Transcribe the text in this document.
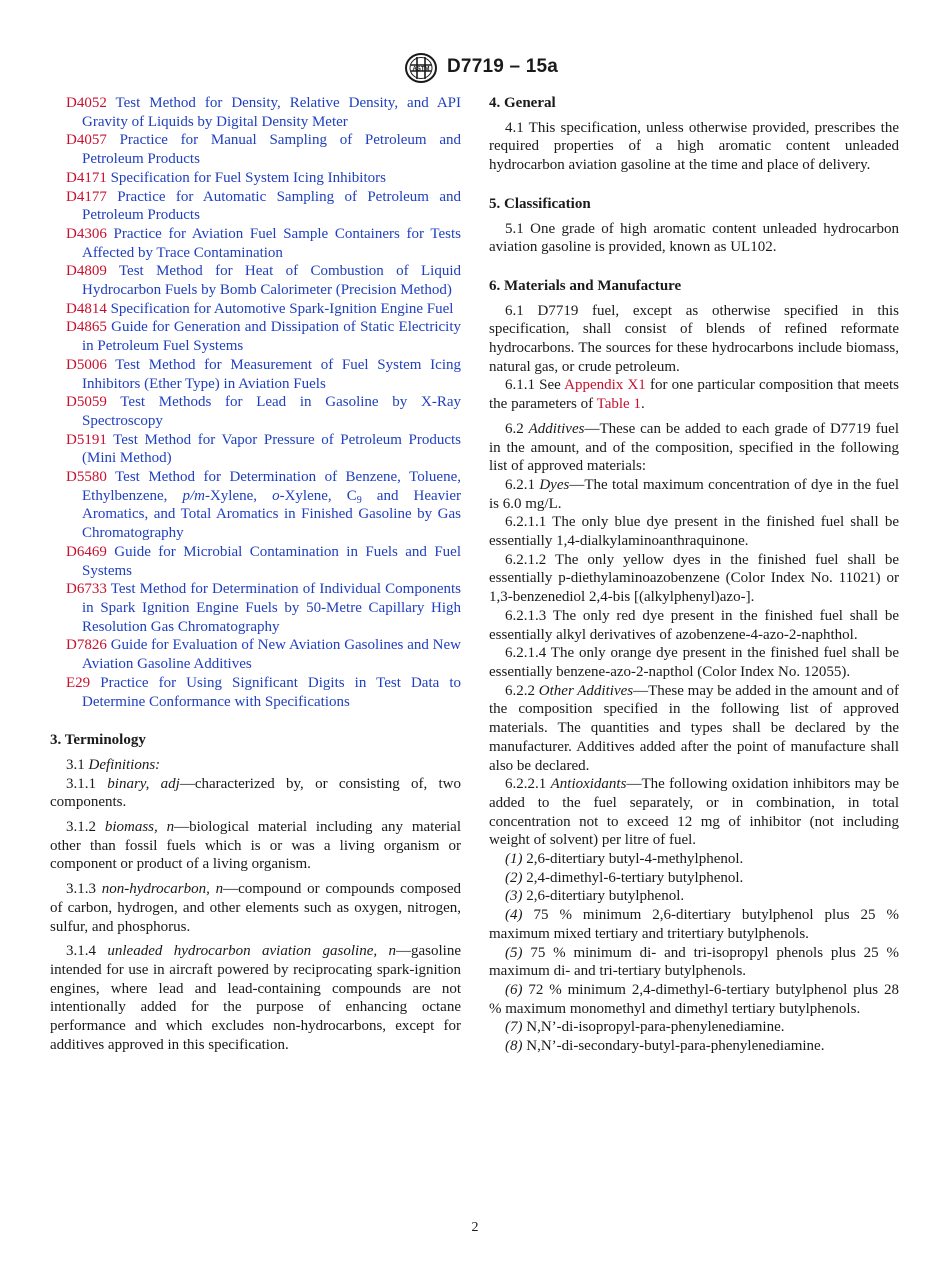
ASTM D7719 – 15a

D4052 Test Method for Density, Relative Density, and API Gravity of Liquids by Digital Density Meter

D4057 Practice for Manual Sampling of Petroleum and Petroleum Products

D4171 Specification for Fuel System Icing Inhibitors

D4177 Practice for Automatic Sampling of Petroleum and Petroleum Products

D4306 Practice for Aviation Fuel Sample Containers for Tests Affected by Trace Contamination

D4809 Test Method for Heat of Combustion of Liquid Hydrocarbon Fuels by Bomb Calorimeter (Precision Method)

D4814 Specification for Automotive Spark-Ignition Engine Fuel

D4865 Guide for Generation and Dissipation of Static Electricity in Petroleum Fuel Systems

D5006 Test Method for Measurement of Fuel System Icing Inhibitors (Ether Type) in Aviation Fuels

D5059 Test Methods for Lead in Gasoline by X-Ray Spectroscopy

D5191 Test Method for Vapor Pressure of Petroleum Products (Mini Method)

D5580 Test Method for Determination of Benzene, Toluene, Ethylbenzene, p/m-Xylene, o-Xylene, $C_9$ and Heavier Aromatics, and Total Aromatics in Finished Gasoline by Gas Chromatography

D6469 Guide for Microbial Contamination in Fuels and Fuel Systems

D6733 Test Method for Determination of Individual Components in Spark Ignition Engine Fuels by 50-Metre Capillary High Resolution Gas Chromatography

D7826 Guide for Evaluation of New Aviation Gasolines and New Aviation Gasoline Additives

E29 Practice for Using Significant Digits in Test Data to Determine Conformance with Specifications

3. Terminology

3.1 Definitions:

3.1.1 binary, adj—characterized by, or consisting of, two components.

3.1.2 biomass, n—biological material including any material other than fossil fuels which is or was a living organism or component or product of a living organism.

3.1.3 non-hydrocarbon, n—compound or compounds composed of carbon, hydrogen, and other elements such as oxygen, nitrogen, sulfur, and phosphorus.

3.1.4 unleaded hydrocarbon aviation gasoline, n—gasoline intended for use in aircraft powered by reciprocating spark-ignition engines, where lead and lead-containing compounds are not intentionally added for the purpose of enhancing octane performance and which excludes non-hydrocarbons, except for additives approved in this specification.

4. General

4.1 This specification, unless otherwise provided, prescribes the required properties of a high aromatic content unleaded hydrocarbon aviation gasoline at the time and place of delivery.

5. Classification

5.1 One grade of high aromatic content unleaded hydrocarbon aviation gasoline is provided, known as UL102.

6. Materials and Manufacture

6.1 D7719 fuel, except as otherwise specified in this specification, shall consist of blends of refined reformate hydrocarbons. The sources for these hydrocarbons include biomass, natural gas, or crude petroleum.

6.1.1 See Appendix X1 for one particular composition that meets the parameters of Table 1.

6.2 Additives—These can be added to each grade of D7719 fuel in the amount, and of the composition, specified in the following list of approved materials:

6.2.1 Dyes—The total maximum concentration of dye in the fuel is 6.0 mg/L.

6.2.1.1 The only blue dye present in the finished fuel shall be essentially 1,4-dialkylaminoanthraquinone.

6.2.1.2 The only yellow dyes in the finished fuel shall be essentially p-diethylaminoazobenzene (Color Index No. 11021) or 1,3-benzenediol 2,4-bis [(alkylphenyl)azo-].

6.2.1.3 The only red dye present in the finished fuel shall be essentially alkyl derivatives of azobenzene-4-azo-2-naphthol.

6.2.1.4 The only orange dye present in the finished fuel shall be essentially benzene-azo-2-napthol (Color Index No. 12055).

6.2.2 Other Additives—These may be added in the amount and of the composition specified in the following list of approved materials. The quantities and types shall be declared by the manufacturer. Additives added after the point of manufacture shall also be declared.

6.2.2.1 Antioxidants—The following oxidation inhibitors may be added to the fuel separately, or in combination, in total concentration not to exceed 12 mg of inhibitor (not including weight of solvent) per litre of fuel.

(1) 2,6-ditertiary butyl-4-methylphenol.

(2) 2,4-dimethyl-6-tertiary butylphenol.

(3) 2,6-ditertiary butylphenol.

(4) 75 % minimum 2,6-ditertiary butylphenol plus 25 % maximum mixed tertiary and tritertiary butylphenols.

(5) 75 % minimum di- and tri-isopropyl phenols plus 25 % maximum di- and tri-tertiary butylphenols.

(6) 72 % minimum 2,4-dimethyl-6-tertiary butylphenol plus 28 % maximum monomethyl and dimethyl tertiary butylphenols.

(7) N,N’-di-isopropyl-para-phenylenediamine.

(8) N,N’-di-secondary-butyl-para-phenylenediamine.

2
